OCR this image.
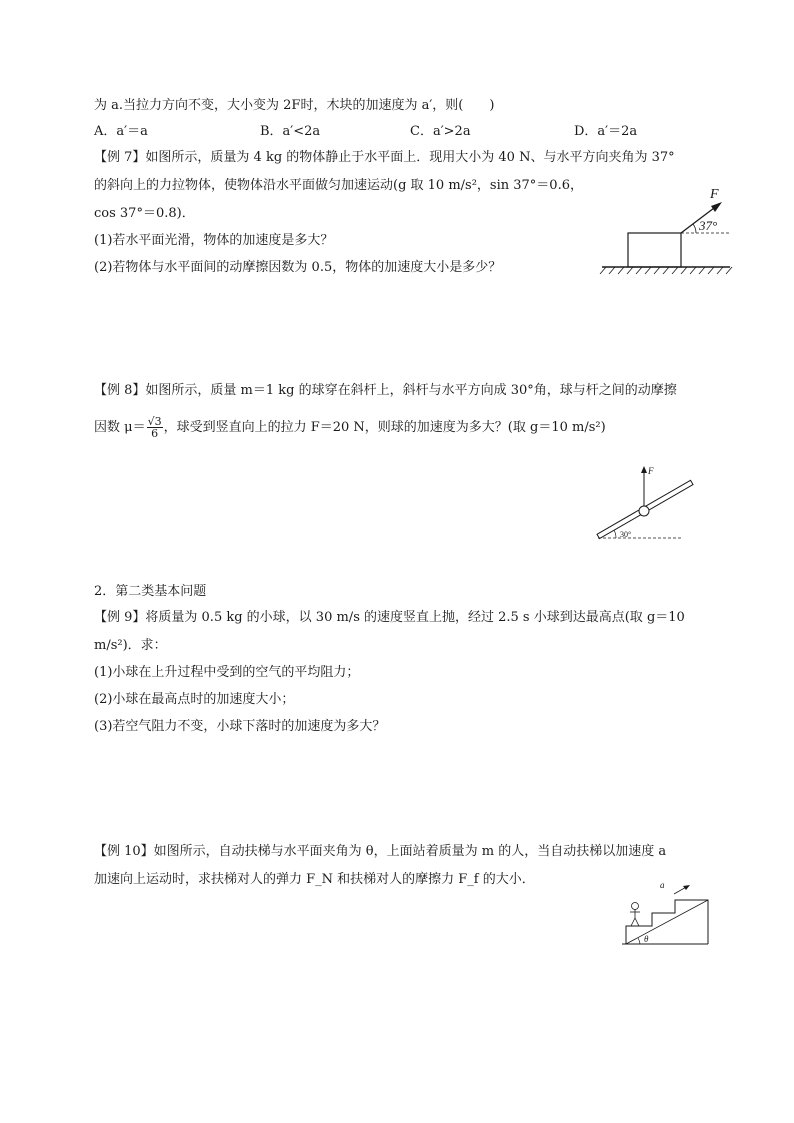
为 a.当拉力方向不变，大小变为 2F时，木块的加速度为 a′，则(　　)
A．a′＝a	B．a′<2a	C．a′>2a	D．a′＝2a
【例 7】如图所示，质量为 4 kg 的物体静止于水平面上．现用大小为 40 N、与水平方向夹角为 37°
的斜向上的力拉物体，使物体沿水平面做匀加速运动(g 取 10 m/s²，sin 37°＝0.6，
cos 37°＝0.8)．
(1)若水平面光滑，物体的加速度是多大？
(2)若物体与水平面间的动摩擦因数为 0.5，物体的加速度大小是多少？
F
37°
【例 8】如图所示，质量 m＝1 kg 的球穿在斜杆上，斜杆与水平方向成 30°角，球与杆之间的动摩擦
因数 $\mu= \frac{√3}{6}$ ，球受到竖直向上的拉力 F＝20 N，则球的加速度为多大？(取 g＝10 m/s²)
F
30°
2．第二类基本问题
【例 9】将质量为 0.5 kg 的小球，以 30 m/s 的速度竖直上抛，经过 2.5 s 小球到达最高点(取 g＝10
m/s²)．求：
(1)小球在上升过程中受到的空气的平均阻力；
(2)小球在最高点时的加速度大小；
(3)若空气阻力不变，小球下落时的加速度为多大？
【例 10】如图所示，自动扶梯与水平面夹角为 θ，上面站着质量为 m 的人，当自动扶梯以加速度 a
加速向上运动时，求扶梯对人的弹力 F_N 和扶梯对人的摩擦力 F_f 的大小．	a
θ
